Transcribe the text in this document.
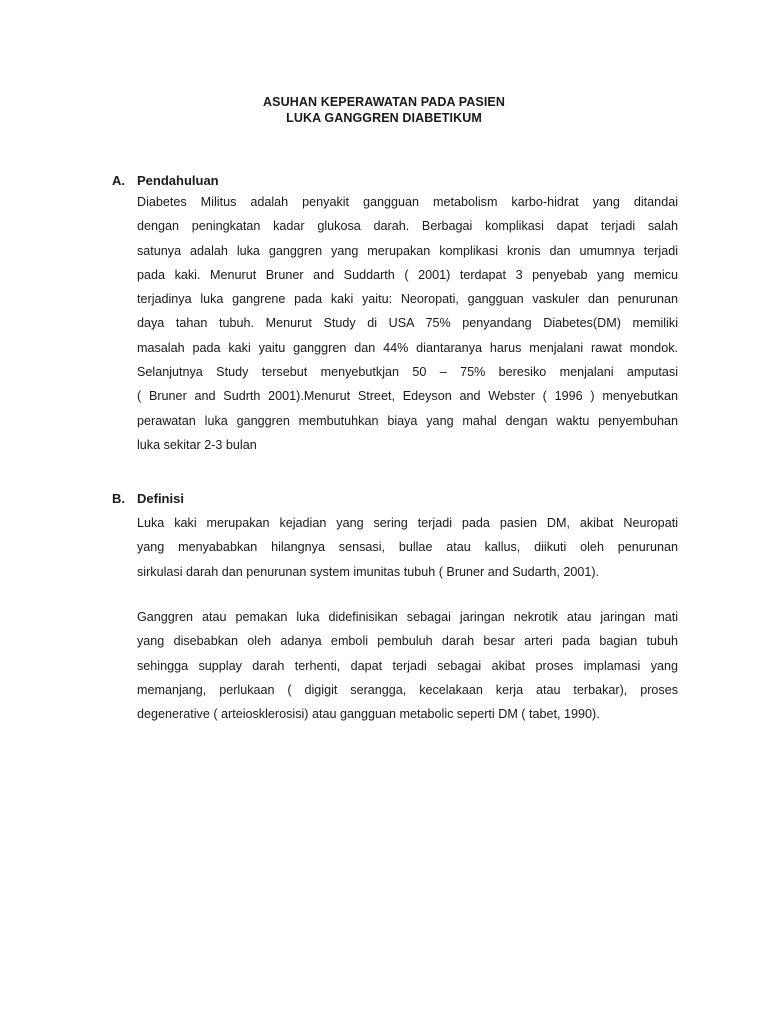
ASUHAN KEPERAWATAN PADA PASIEN
LUKA GANGGREN DIABETIKUM
A. Pendahuluan
Diabetes Militus adalah penyakit gangguan metabolism karbo-hidrat yang ditandai
dengan peningkatan kadar glukosa darah. Berbagai komplikasi dapat terjadi salah
satunya adalah luka ganggren yang merupakan komplikasi kronis dan umumnya terjadi
pada kaki. Menurut Bruner and Suddarth ( 2001) terdapat 3 penyebab yang memicu
terjadinya luka gangrene pada kaki yaitu: Neoropati, gangguan vaskuler dan penurunan
daya tahan tubuh. Menurut Study di USA 75% penyandang Diabetes(DM) memiliki
masalah pada kaki yaitu ganggren dan 44% diantaranya harus menjalani rawat mondok.
Selanjutnya Study tersebut menyebutkjan 50 – 75% beresiko menjalani amputasi
( Bruner and Sudrth 2001).Menurut Street, Edeyson and Webster ( 1996 ) menyebutkan
perawatan luka ganggren membutuhkan biaya yang mahal dengan waktu penyembuhan
luka sekitar 2-3 bulan
B. Definisi
Luka kaki merupakan kejadian yang sering terjadi pada pasien DM, akibat Neuropati
yang menyababkan hilangnya sensasi, bullae atau kallus, diikuti oleh penurunan
sirkulasi darah dan penurunan system imunitas tubuh ( Bruner and Sudarth, 2001).
Ganggren atau pemakan luka didefinisikan sebagai jaringan nekrotik atau jaringan mati
yang disebabkan oleh adanya emboli pembuluh darah besar arteri pada bagian tubuh
sehingga supplay darah terhenti, dapat terjadi sebagai akibat proses implamasi yang
memanjang, perlukaan ( digigit serangga, kecelakaan kerja atau terbakar), proses
degenerative ( arteiosklerosisi) atau gangguan metabolic seperti DM ( tabet, 1990).
